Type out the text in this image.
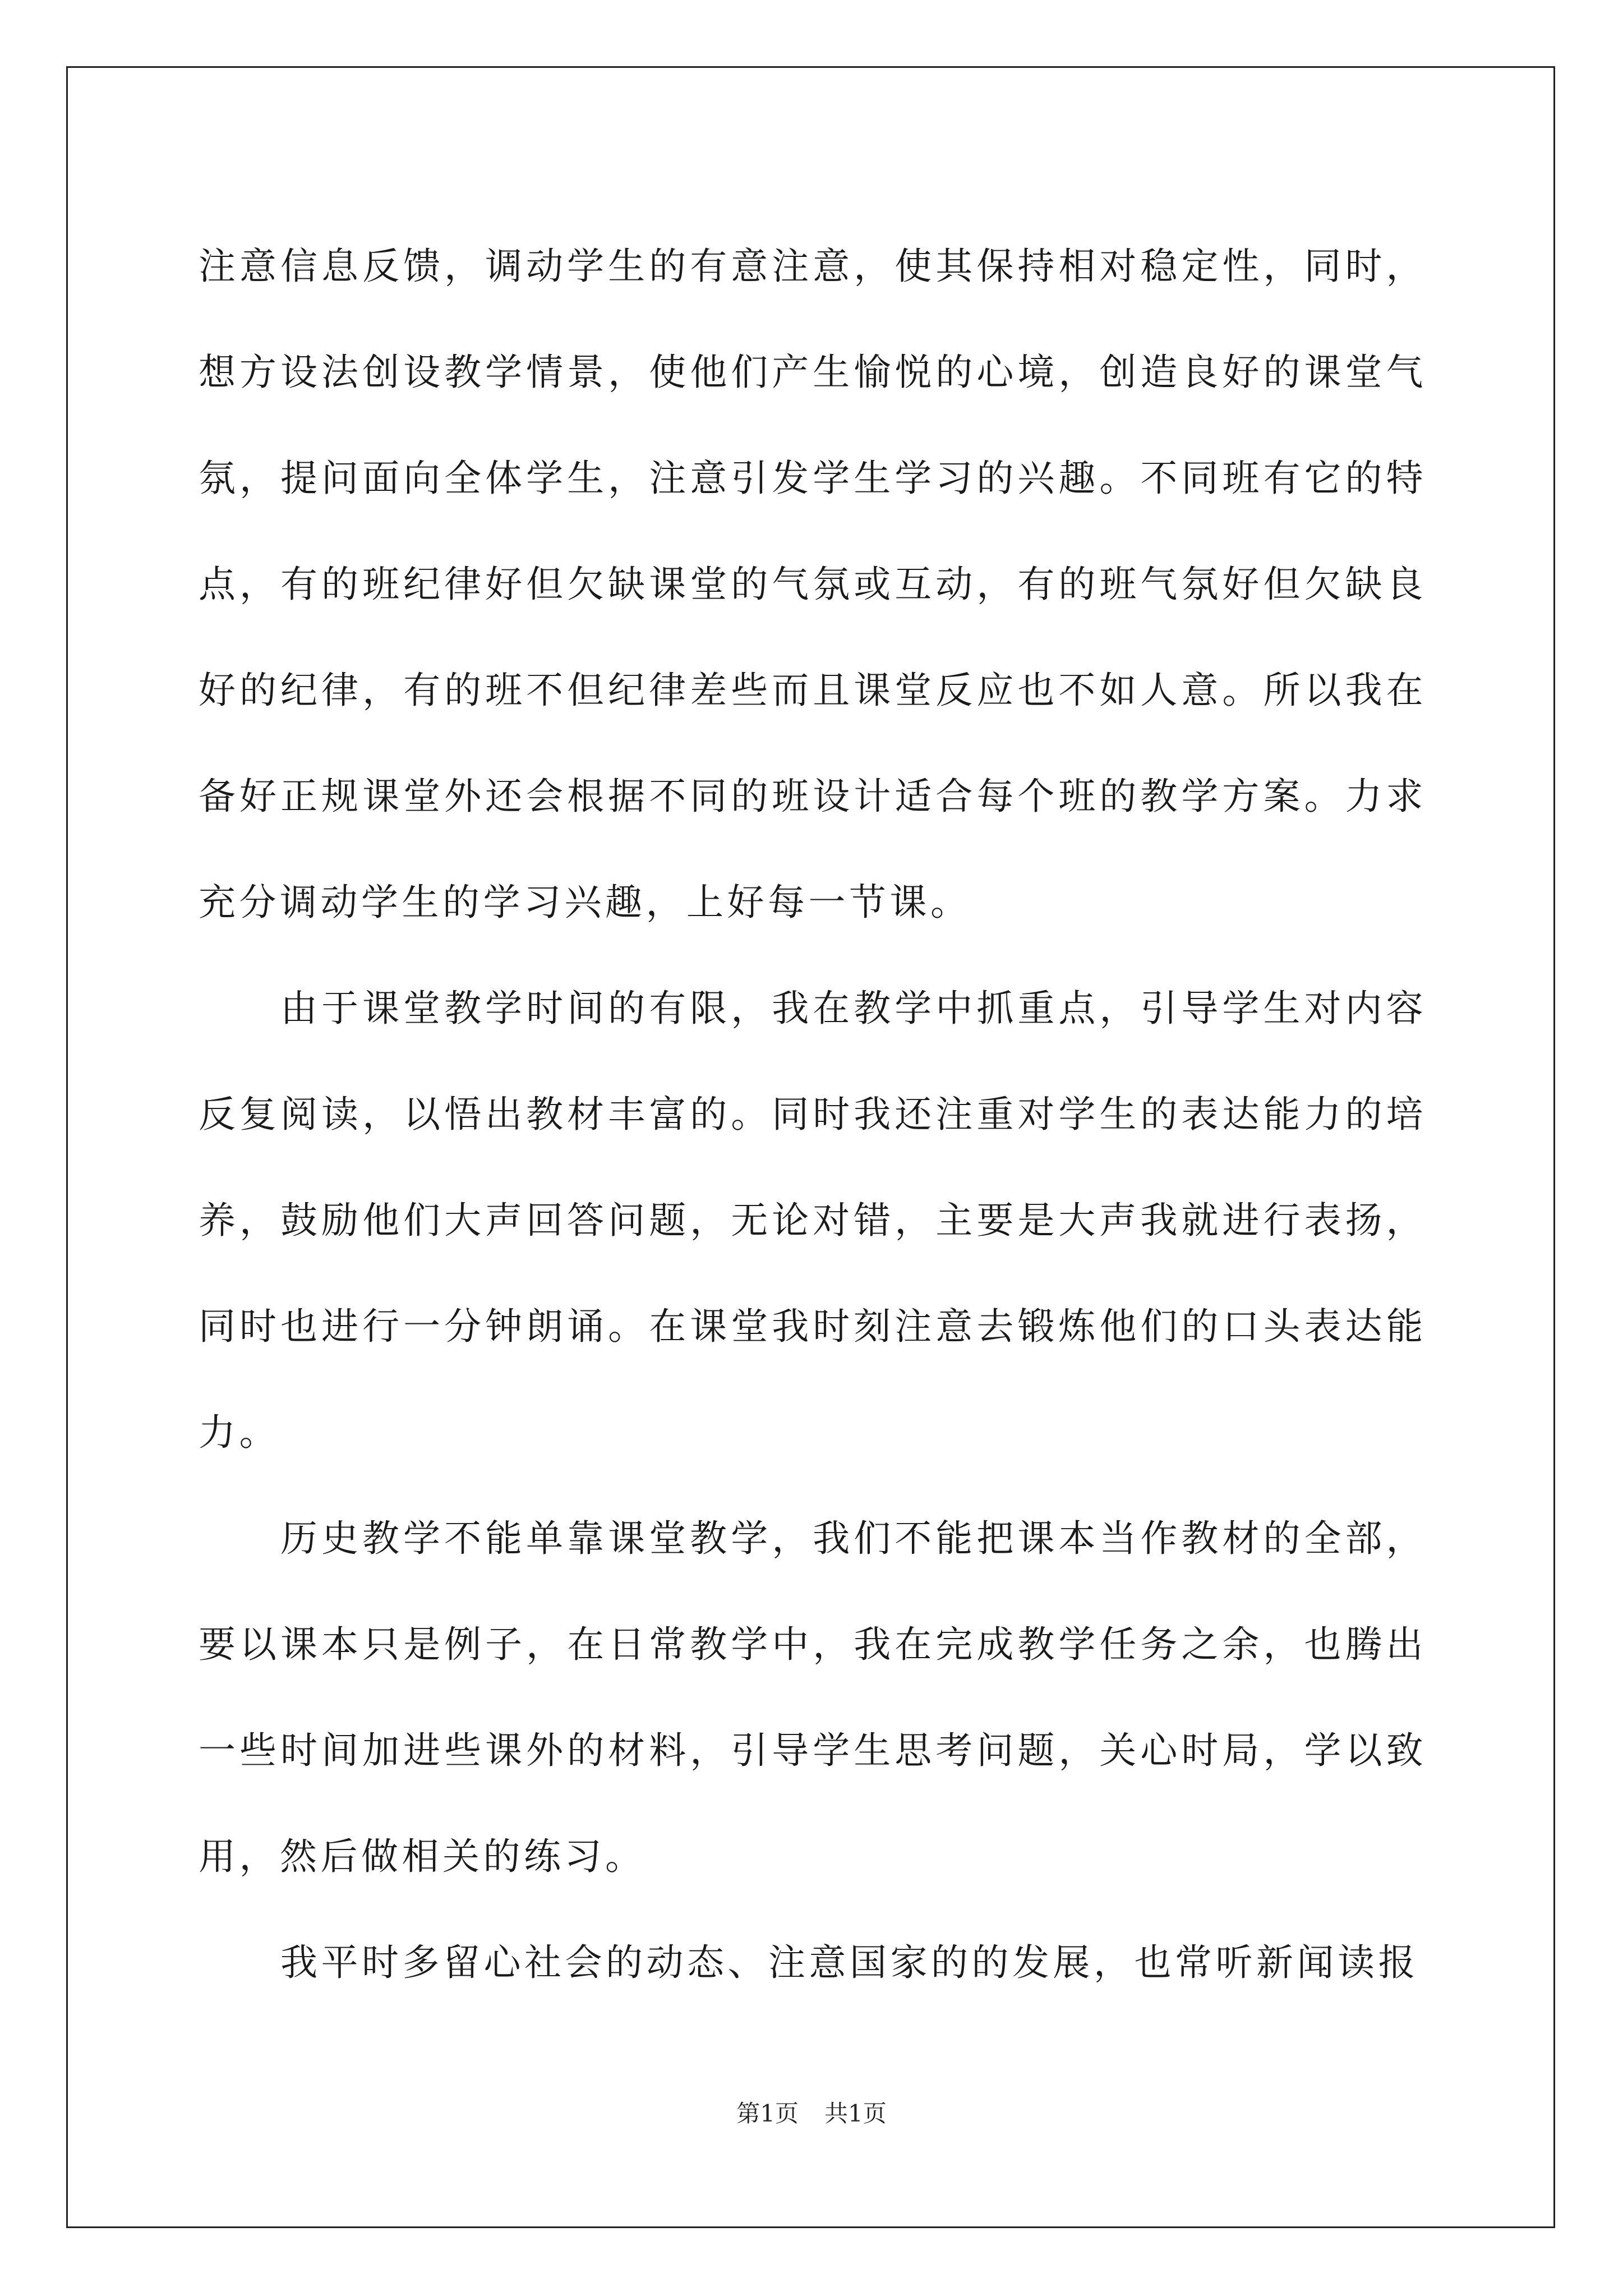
注意信息反馈，调动学生的有意注意，使其保持相对稳定性，同时，想方设法创设教学情景，使他们产生愉悦的心境，创造良好的课堂气氛，提问面向全体学生，注意引发学生学习的兴趣。不同班有它的特点，有的班纪律好但欠缺课堂的气氛或互动，有的班气氛好但欠缺良好的纪律，有的班不但纪律差些而且课堂反应也不如人意。所以我在备好正规课堂外还会根据不同的班设计适合每个班的教学方案。力求充分调动学生的学习兴趣，上好每一节课。

由于课堂教学时间的有限，我在教学中抓重点，引导学生对内容反复阅读，以悟出教材丰富的。同时我还注重对学生的表达能力的培养，鼓励他们大声回答问题，无论对错，主要是大声我就进行表扬，同时也进行一分钟朗诵。在课堂我时刻注意去锻炼他们的口头表达能力。

历史教学不能单靠课堂教学，我们不能把课本当作教材的全部，要以课本只是例子，在日常教学中，我在完成教学任务之余，也腾出一些时间加进些课外的材料，引导学生思考问题，关心时局，学以致用，然后做相关的练习。

我平时多留心社会的动态、注意国家的的发展，也常听新闻读报

第1页 共1页
